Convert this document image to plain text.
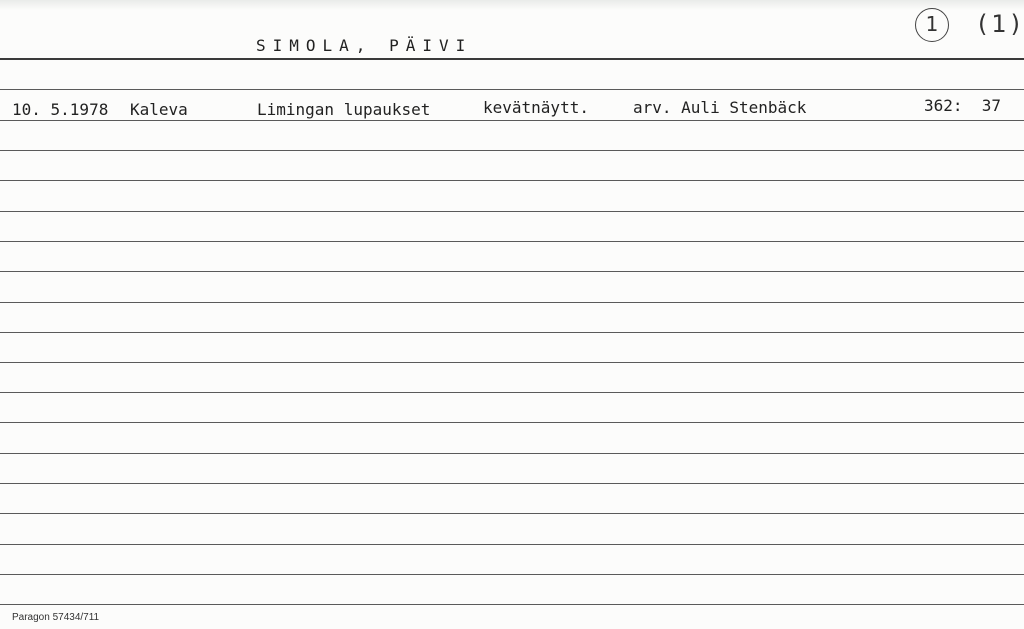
SIMOLA, PÄIVI
1	(1)
10. 5.1978 Kaleva	Limingan lupaukset	kevätnäytt.	arv. Auli Stenbäck	362:  37
Paragon 57434/711
